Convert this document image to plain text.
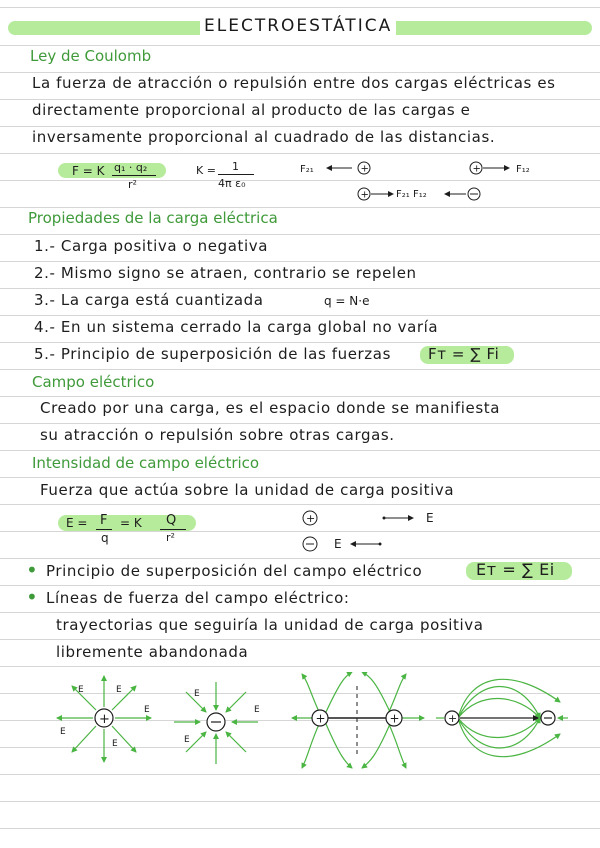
ELECTROESTÁTICA
Ley de Coulomb
La fuerza de atracción o repulsión entre dos cargas eléctricas es
directamente proporcional al producto de las cargas e
inversamente proporcional al cuadrado de las distancias.
F = K q₁ · q₂
r²
K = 1
4π ε₀
F₂₁	+	+	F₁₂
+	F₂₁ F₁₂
Propiedades de la carga eléctrica
1.- Carga positiva o negativa
2.- Mismo signo se atraen, contrario se repelen
3.- La carga está cuantizada	q = N·e
4.- En un sistema cerrado la carga global no varía
5.- Principio de superposición de las fuerzas Fт = ∑ Fi
Campo eléctrico
Creado por una carga, es el espacio donde se manifiesta
su atracción o repulsión sobre otras cargas.
Intensidad de campo eléctrico
Fuerza que actúa sobre la unidad de carga positiva
E = F
q
= K Q
r²
+	E
E
• Principio de superposición del campo eléctrico	Eт = ∑ Ei
• Líneas de fuerza del campo eléctrico:
trayectorias que seguiría la unidad de carga positiva
libremente abandonada
+
E	E
E
E
E
E
E
E
+	+	+
